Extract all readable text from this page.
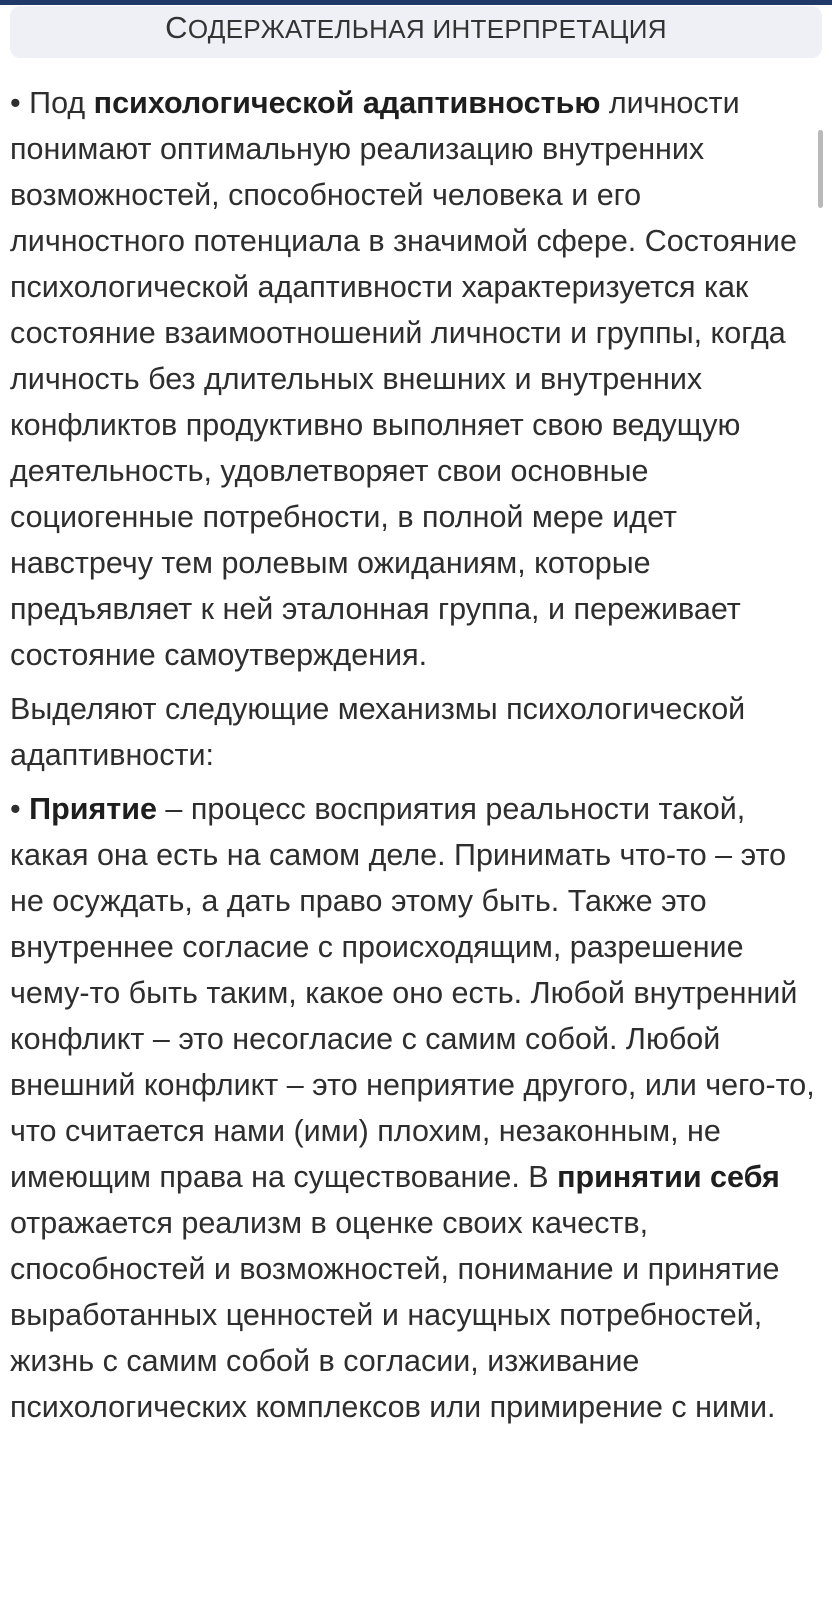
СОДЕРЖАТЕЛЬНАЯ ИНТЕРПРЕТАЦИЯ

• Под психологической адаптивностью личности понимают оптимальную реализацию внутренних возможностей, способностей человека и его личностного потенциала в значимой сфере. Состояние психологической адаптивности характеризуется как состояние взаимоотношений личности и группы, когда личность без длительных внешних и внутренних конфликтов продуктивно выполняет свою ведущую деятельность, удовлетворяет свои основные социогенные потребности, в полной мере идет навстречу тем ролевым ожиданиям, которые предъявляет к ней эталонная группа, и переживает состояние самоутверждения.

Выделяют следующие механизмы психологической адаптивности:

• Приятие – процесс восприятия реальности такой, какая она есть на самом деле. Принимать что-то – это не осуждать, а дать право этому быть. Также это внутреннее согласие с происходящим, разрешение чему-то быть таким, какое оно есть. Любой внутренний конфликт – это несогласие с самим собой. Любой внешний конфликт – это неприятие другого, или чего-то, что считается нами (ими) плохим, незаконным, не имеющим права на существование. В принятии себя отражается реализм в оценке своих качеств, способностей и возможностей, понимание и принятие выработанных ценностей и насущных потребностей, жизнь с самим собой в согласии, изживание психологических комплексов или примирение с ними.
